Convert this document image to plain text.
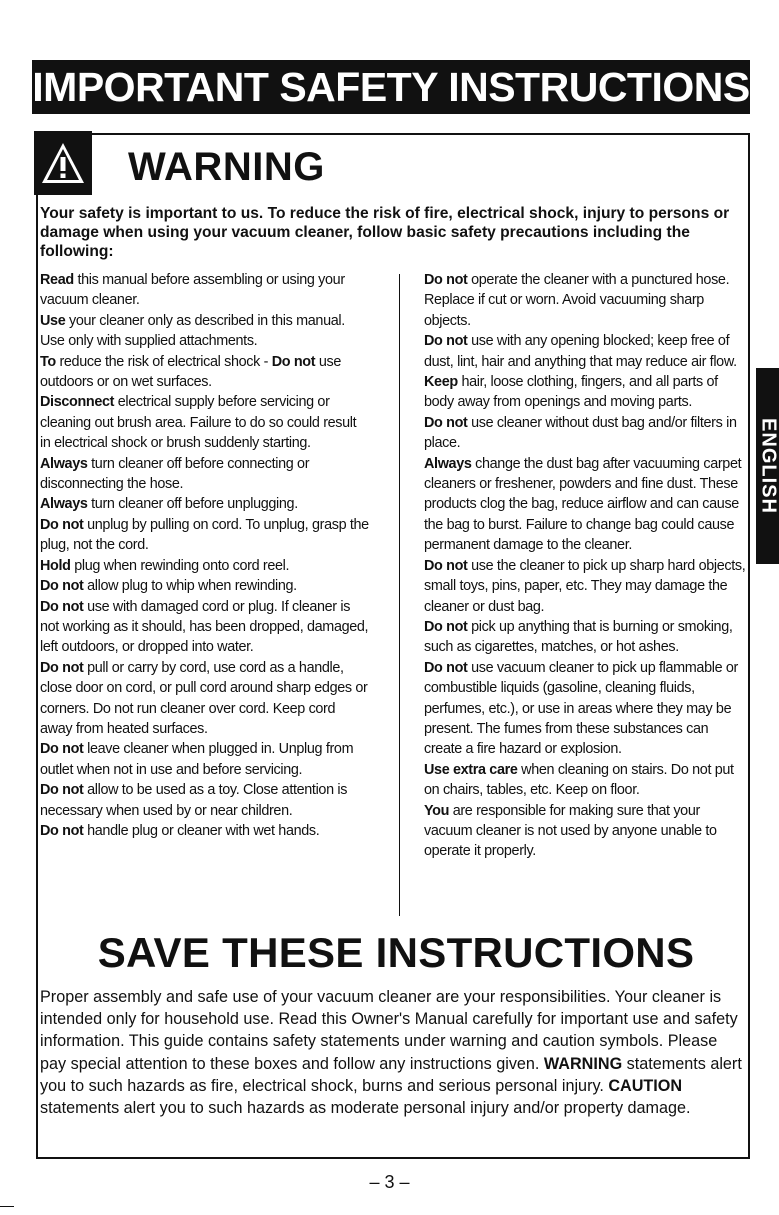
IMPORTANT SAFETY INSTRUCTIONS
WARNING
Your safety is important to us. To reduce the risk of fire, electrical shock, injury to persons or damage when using your vacuum cleaner, follow basic safety precautions including the following:

Read this manual before assembling or using your vacuum cleaner.

Use your cleaner only as described in this manual. Use only with supplied attachments.

To reduce the risk of electrical shock - Do not use outdoors or on wet surfaces.

Disconnect electrical supply before servicing or cleaning out brush area. Failure to do so could result in electrical shock or brush suddenly starting.

Always turn cleaner off before connecting or disconnecting the hose.

Always turn cleaner off before unplugging.

Do not unplug by pulling on cord. To unplug, grasp the plug, not the cord.

Hold plug when rewinding onto cord reel.

Do not allow plug to whip when rewinding.

Do not use with damaged cord or plug. If cleaner is not working as it should, has been dropped, damaged, left outdoors, or dropped into water.

Do not pull or carry by cord, use cord as a handle, close door on cord, or pull cord around sharp edges or corners. Do not run cleaner over cord. Keep cord away from heated surfaces.

Do not leave cleaner when plugged in. Unplug from outlet when not in use and before servicing.

Do not allow to be used as a toy. Close attention is necessary when used by or near children.

Do not handle plug or cleaner with wet hands.

Do not operate the cleaner with a punctured hose. Replace if cut or worn. Avoid vacuuming sharp objects.

Do not use with any opening blocked; keep free of dust, lint, hair and anything that may reduce air flow.

Keep hair, loose clothing, fingers, and all parts of body away from openings and moving parts.

Do not use cleaner without dust bag and/or filters in place.

Always change the dust bag after vacuuming carpet cleaners or freshener, powders and fine dust. These products clog the bag, reduce airflow and can cause the bag to burst. Failure to change bag could cause permanent damage to the cleaner.

Do not use the cleaner to pick up sharp hard objects, small toys, pins, paper, etc. They may damage the cleaner or dust bag.

Do not pick up anything that is burning or smoking, such as cigarettes, matches, or hot ashes.

Do not use vacuum cleaner to pick up flammable or combustible liquids (gasoline, cleaning fluids, perfumes, etc.), or use in areas where they may be present. The fumes from these substances can create a fire hazard or explosion.

Use extra care when cleaning on stairs. Do not put on chairs, tables, etc. Keep on floor.

You are responsible for making sure that your vacuum cleaner is not used by anyone unable to operate it properly.

SAVE THESE INSTRUCTIONS
Proper assembly and safe use of your vacuum cleaner are your responsibilities. Your cleaner is intended only for household use. Read this Owner's Manual carefully for important use and safety information. This guide contains safety statements under warning and caution symbols. Please pay special attention to these boxes and follow any instructions given. WARNING statements alert you to such hazards as fire, electrical shock, burns and serious personal injury. CAUTION statements alert you to such hazards as moderate personal injury and/or property damage.
– 3 –
ENGLISH
